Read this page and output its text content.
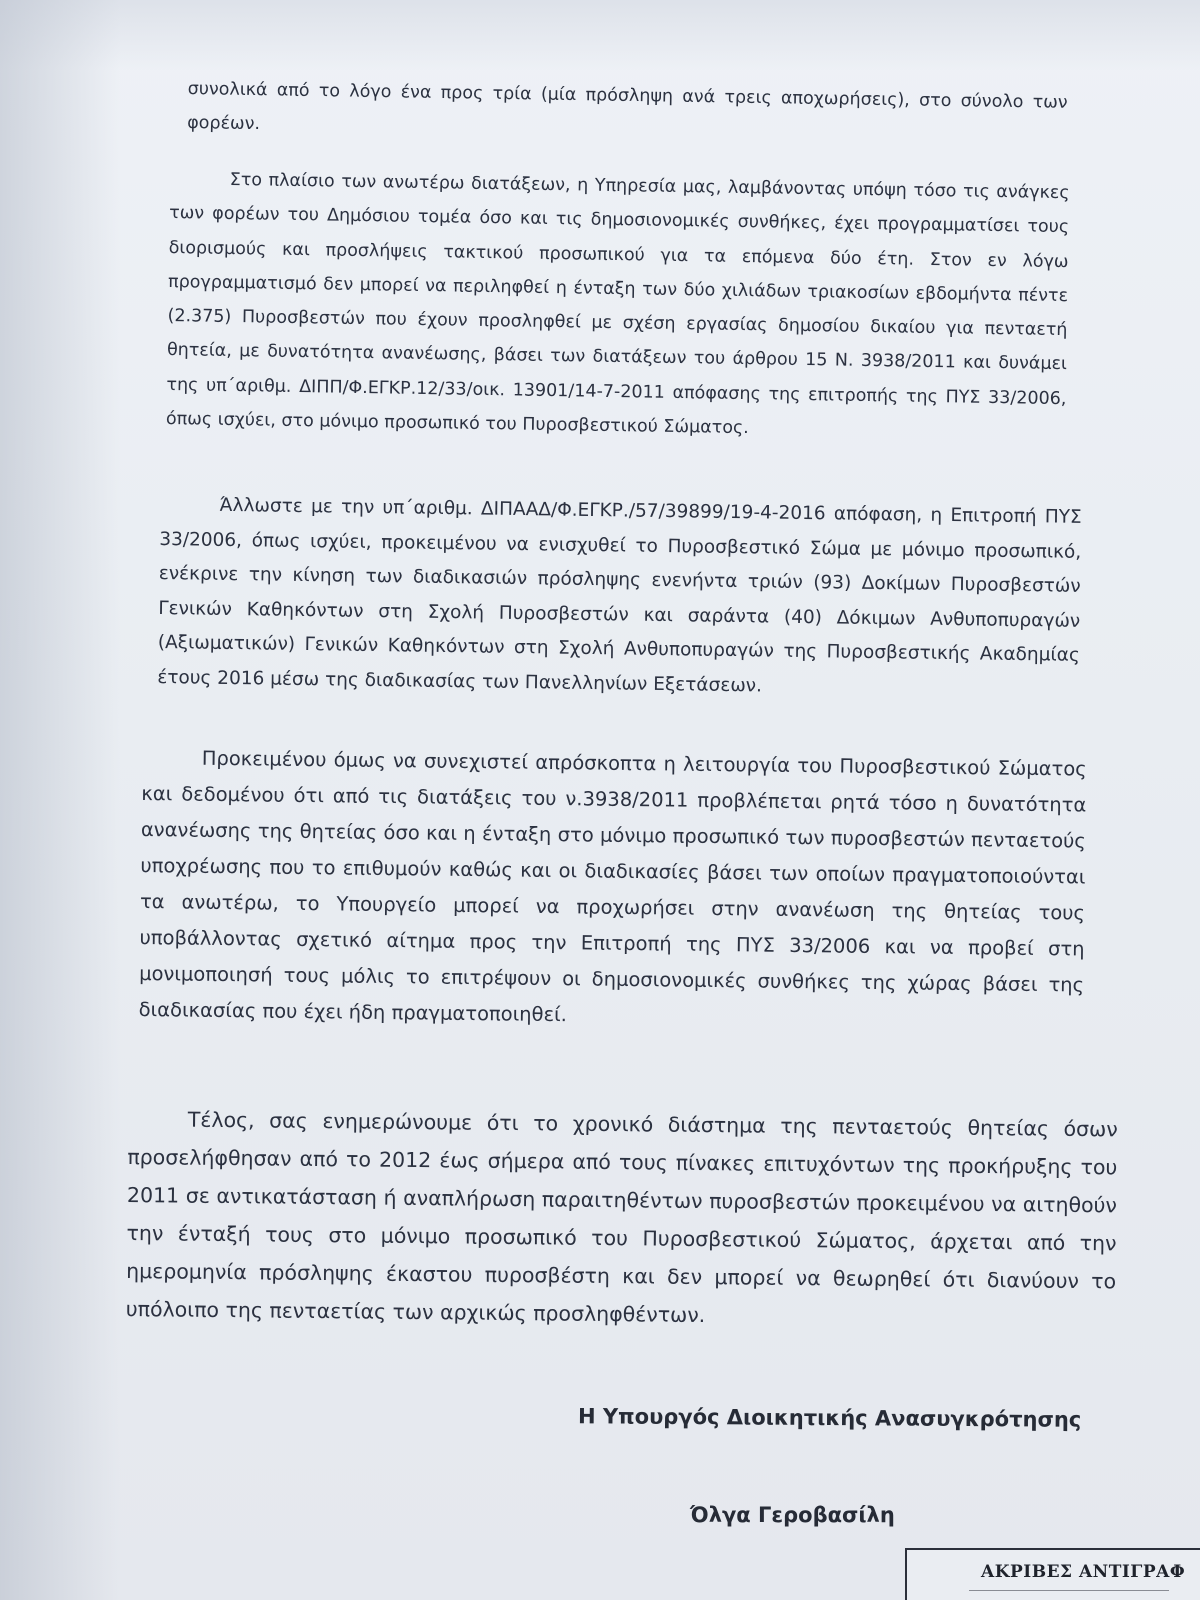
συνολικά από το λόγο ένα προς τρία (μία πρόσληψη ανά τρεις αποχωρήσεις), στο σύνολο των φορέων.

Στο πλαίσιο των ανωτέρω διατάξεων, η Υπηρεσία μας, λαμβάνοντας υπόψη τόσο τις ανάγκες των φορέων του Δημόσιου τομέα όσο και τις δημοσιονομικές συνθήκες, έχει προγραμματίσει τους διορισμούς και προσλήψεις τακτικού προσωπικού για τα επόμενα δύο έτη. Στον εν λόγω προγραμματισμό δεν μπορεί να περιληφθεί η ένταξη των δύο χιλιάδων τριακοσίων εβδομήντα πέντε (2.375) Πυροσβεστών που έχουν προσληφθεί με σχέση εργασίας δημοσίου δικαίου για πενταετή θητεία, με δυνατότητα ανανέωσης, βάσει των διατάξεων του άρθρου 15 Ν. 3938/2011 και δυνάμει της υπ΄αριθμ. ΔΙΠΠ/Φ.ΕΓΚΡ.12/33/οικ. 13901/14-7-2011 απόφασης της επιτροπής της ΠΥΣ 33/2006, όπως ισχύει, στο μόνιμο προσωπικό του Πυροσβεστικού Σώματος.

Άλλωστε με την υπ΄αριθμ. ΔΙΠΑΑΔ/Φ.ΕΓΚΡ./57/39899/19-4-2016 απόφαση, η Επιτροπή ΠΥΣ 33/2006, όπως ισχύει, προκειμένου να ενισχυθεί το Πυροσβεστικό Σώμα με μόνιμο προσωπικό, ενέκρινε την κίνηση των διαδικασιών πρόσληψης ενενήντα τριών (93) Δοκίμων Πυροσβεστών Γενικών Καθηκόντων στη Σχολή Πυροσβεστών και σαράντα (40) Δόκιμων Ανθυποπυραγών (Αξιωματικών) Γενικών Καθηκόντων στη Σχολή Ανθυποπυραγών της Πυροσβεστικής Ακαδημίας έτους 2016 μέσω της διαδικασίας των Πανελληνίων Εξετάσεων.

Προκειμένου όμως να συνεχιστεί απρόσκοπτα η λειτουργία του Πυροσβεστικού Σώματος και δεδομένου ότι από τις διατάξεις του ν.3938/2011 προβλέπεται ρητά τόσο η δυνατότητα ανανέωσης της θητείας όσο και η ένταξη στο μόνιμο προσωπικό των πυροσβεστών πενταετούς υποχρέωσης που το επιθυμούν καθώς και οι διαδικασίες βάσει των οποίων πραγματοποιούνται τα ανωτέρω, το Υπουργείο μπορεί να προχωρήσει στην ανανέωση της θητείας τους υποβάλλοντας σχετικό αίτημα προς την Επιτροπή της ΠΥΣ 33/2006 και να προβεί στη μονιμοποιησή τους μόλις το επιτρέψουν οι δημοσιονομικές συνθήκες της χώρας βάσει της διαδικασίας που έχει ήδη πραγματοποιηθεί.

Τέλος, σας ενημερώνουμε ότι το χρονικό διάστημα της πενταετούς θητείας όσων προσελήφθησαν από το 2012 έως σήμερα από τους πίνακες επιτυχόντων της προκήρυξης του 2011 σε αντικατάσταση ή αναπλήρωση παραιτηθέντων πυροσβεστών προκειμένου να αιτηθούν την ένταξή τους στο μόνιμο προσωπικό του Πυροσβεστικού Σώματος, άρχεται από την ημερομηνία πρόσληψης έκαστου πυροσβέστη και δεν μπορεί να θεωρηθεί ότι διανύουν το υπόλοιπο της πενταετίας των αρχικώς προσληφθέντων.

Η Υπουργός Διοικητικής Ανασυγκρότησης
Όλγα Γεροβασίλη
ΑΚΡΙΒΕΣ ΑΝΤΙΓΡΑΦ
